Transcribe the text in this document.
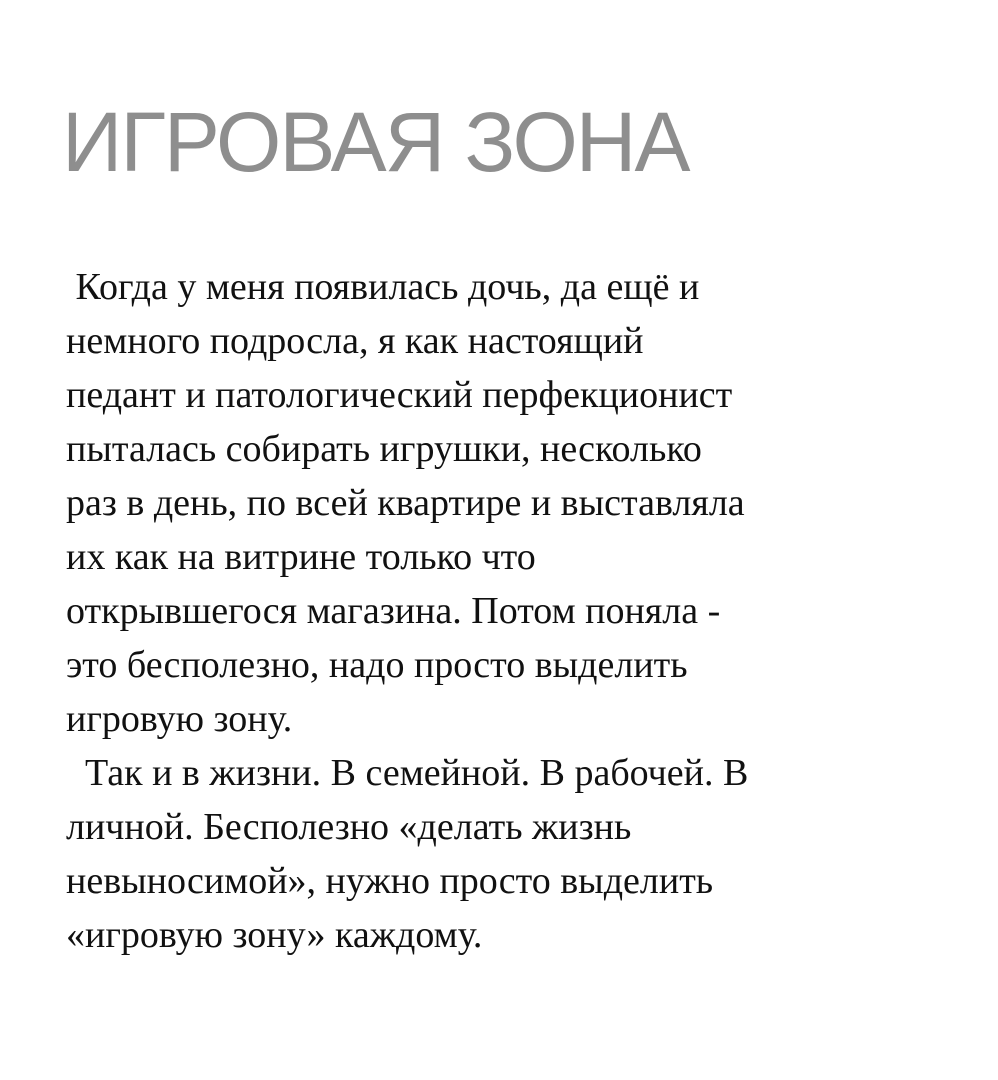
ИГРОВАЯ ЗОНА
Когда у меня появилась дочь, да ещё и
немного подросла, я как настоящий
педант и патологический перфекционист
пыталась собирать игрушки, несколько
раз в день, по всей квартире и выставляла
их как на витрине только что
открывшегося магазина. Потом поняла -
это бесполезно, надо просто выделить
игровую зону.
Так и в жизни. В семейной. В рабочей. В
личной. Бесполезно «делать жизнь
невыносимой», нужно просто выделить
«игровую зону» каждому.
